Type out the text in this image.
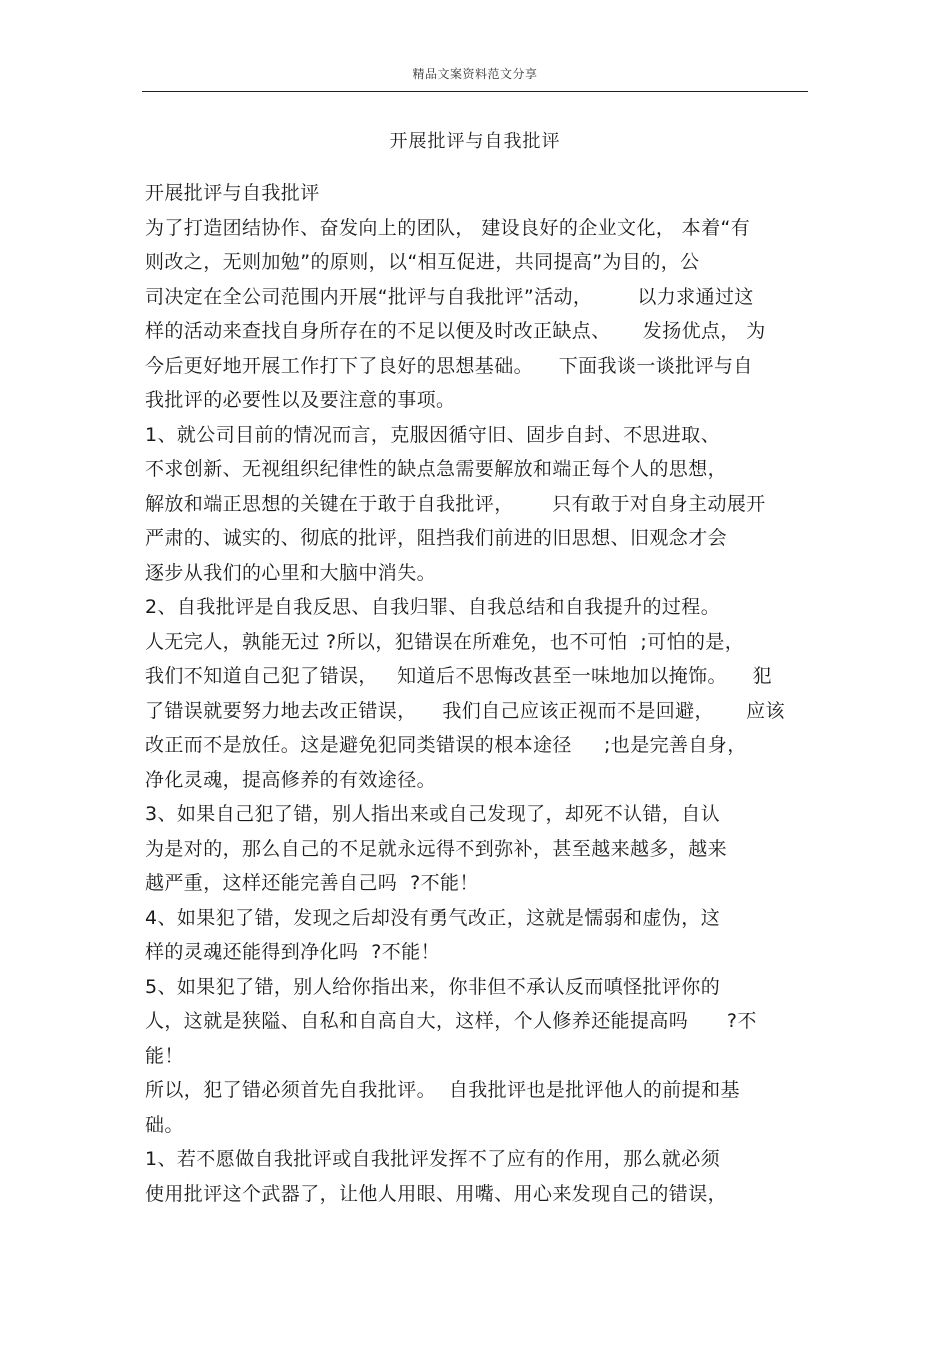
精品文案资料范文分享
开展批评与自我批评
开展批评与自我批评
为了打造团结协作、奋发向上的团队， 建设良好的企业文化， 本着“有
则改之，无则加勉”的原则，以“相互促进，共同提高”为目的，公
司决定在全公司范围内开展“批评与自我批评”活动，       以力求通过这
样的活动来查找自身所存在的不足以便及时改正缺点、     发扬优点， 为
今后更好地开展工作打下了良好的思想基础。    下面我谈一谈批评与自
我批评的必要性以及要注意的事项。
1、就公司目前的情况而言，克服因循守旧、固步自封、不思进取、
不求创新、无视组织纪律性的缺点急需要解放和端正每个人的思想，
解放和端正思想的关键在于敢于自我批评，      只有敢于对自身主动展开
严肃的、诚实的、彻底的批评，阻挡我们前进的旧思想、旧观念才会
逐步从我们的心里和大脑中消失。
2、自我批评是自我反思、自我归罪、自我总结和自我提升的过程。
人无完人，孰能无过 ?所以，犯错误在所难免，也不可怕  ;可怕的是，
我们不知道自己犯了错误，   知道后不思悔改甚至一味地加以掩饰。    犯
了错误就要努力地去改正错误，    我们自己应该正视而不是回避，     应该
改正而不是放任。这是避免犯同类错误的根本途径     ;也是完善自身，
净化灵魂，提高修养的有效途径。
3、如果自己犯了错，别人指出来或自己发现了，却死不认错，自认
为是对的，那么自己的不足就永远得不到弥补，甚至越来越多，越来
越严重，这样还能完善自己吗  ?不能！
4、如果犯了错，发现之后却没有勇气改正，这就是懦弱和虚伪，这
样的灵魂还能得到净化吗  ?不能！
5、如果犯了错，别人给你指出来，你非但不承认反而嗔怪批评你的
人，这就是狭隘、自私和自高自大，这样，个人修养还能提高吗      ?不
能！
所以，犯了错必须首先自我批评。  自我批评也是批评他人的前提和基
础。
1、若不愿做自我批评或自我批评发挥不了应有的作用，那么就必须
使用批评这个武器了，让他人用眼、用嘴、用心来发现自己的错误，
